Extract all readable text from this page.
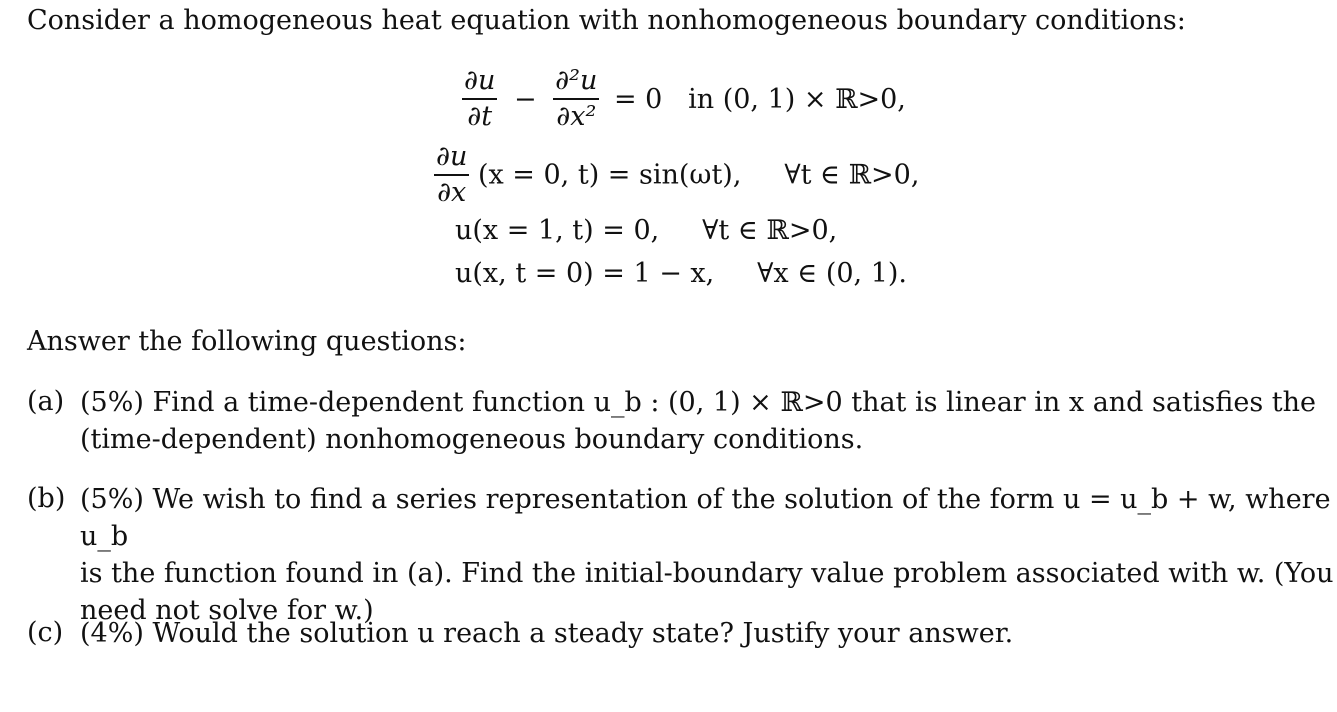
Consider a homogeneous heat equation with nonhomogeneous boundary conditions:
$\frac{\partial u}{\partial t} - \frac{\text{∂²u}}{\text{∂x²}} = 0$   in (0, 1) × ℝ>0,
$\frac{\partial u}{\partial x} (x = 0$, t) = sin(ωt),     ∀t ∈ ℝ>0,
u(x = 1, t) = 0,     ∀t ∈ ℝ>0,
u(x, t = 0) = 1 − x,     ∀x ∈ (0, 1).
Answer the following questions:
(a) (5%) Find a time-dependent function u_b : (0, 1) × ℝ>0 that is linear in x and satisfies the
(time-dependent) nonhomogeneous boundary conditions.
(b) (5%) We wish to find a series representation of the solution of the form u = u_b + w, where u_b
is the function found in (a). Find the initial-boundary value problem associated with w. (You
need not solve for w.)
(c) (4%) Would the solution u reach a steady state? Justify your answer.
